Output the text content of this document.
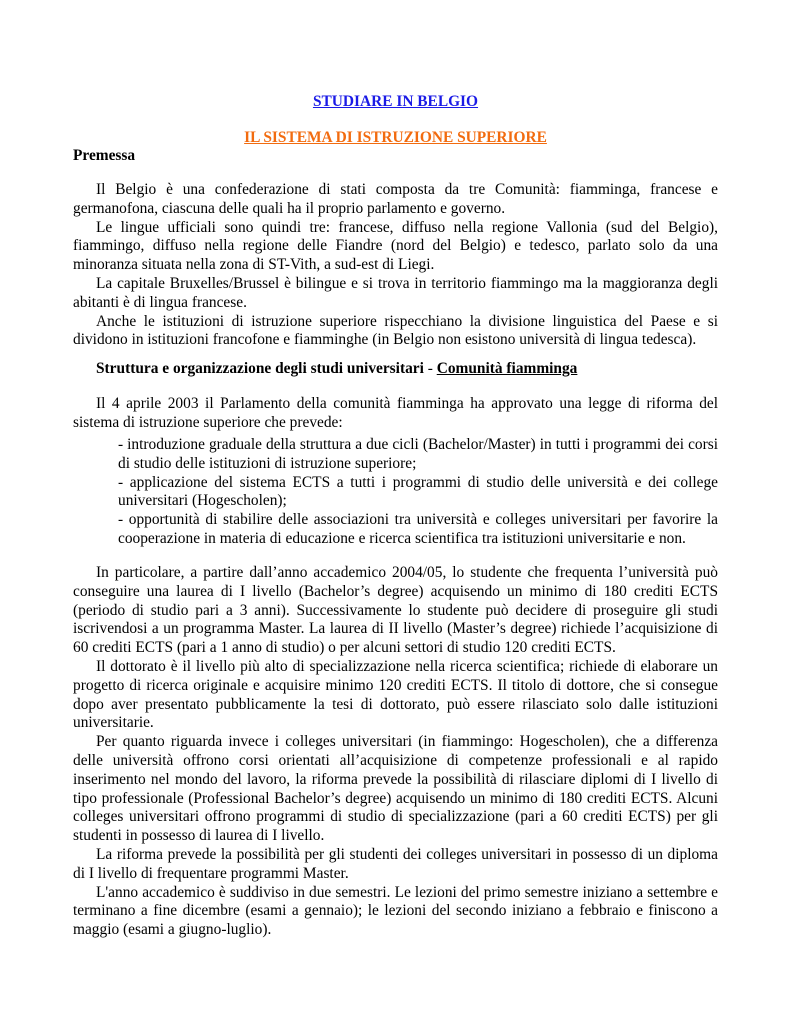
STUDIARE IN BELGIO
IL SISTEMA DI ISTRUZIONE SUPERIORE
Premessa

Il Belgio è una confederazione di stati composta da tre Comunità: fiamminga, francese e germanofona, ciascuna delle quali ha il proprio parlamento e governo.

Le lingue ufficiali sono quindi tre: francese, diffuso nella regione Vallonia (sud del Belgio), fiammingo, diffuso nella regione delle Fiandre (nord del Belgio) e tedesco, parlato solo da una minoranza situata nella zona di ST-Vith, a sud-est di Liegi.

La capitale Bruxelles/Brussel è bilingue e si trova in territorio fiammingo ma la maggioranza degli abitanti è di lingua francese.

Anche le istituzioni di istruzione superiore rispecchiano la divisione linguistica del Paese e si dividono in istituzioni francofone e fiamminghe (in Belgio non esistono università di lingua tedesca).

Struttura e organizzazione degli studi universitari - Comunità fiamminga

Il 4 aprile 2003 il Parlamento della comunità fiamminga ha approvato una legge di riforma del sistema di istruzione superiore che prevede:

- introduzione graduale della struttura a due cicli (Bachelor/Master) in tutti i programmi dei corsi di studio delle istituzioni di istruzione superiore;
- applicazione del sistema ECTS a tutti i programmi di studio delle università e dei college universitari (Hogescholen);
- opportunità di stabilire delle associazioni tra università e colleges universitari per favorire la cooperazione in materia di educazione e ricerca scientifica tra istituzioni universitarie e non.

In particolare, a partire dall’anno accademico 2004/05, lo studente che frequenta l’università può conseguire una laurea di I livello (Bachelor’s degree) acquisendo un minimo di 180 crediti ECTS (periodo di studio pari a 3 anni). Successivamente lo studente può decidere di proseguire gli studi iscrivendosi a un programma Master. La laurea di II livello (Master’s degree) richiede l’acquisizione di 60 crediti ECTS (pari a 1 anno di studio) o per alcuni settori di studio 120 crediti ECTS.

Il dottorato è il livello più alto di specializzazione nella ricerca scientifica; richiede di elaborare un progetto di ricerca originale e acquisire minimo 120 crediti ECTS. Il titolo di dottore, che si consegue dopo aver presentato pubblicamente la tesi di dottorato, può essere rilasciato solo dalle istituzioni universitarie.

Per quanto riguarda invece i colleges universitari (in fiammingo: Hogescholen), che a differenza delle università offrono corsi orientati all’acquisizione di competenze professionali e al rapido inserimento nel mondo del lavoro, la riforma prevede la possibilità di rilasciare diplomi di I livello di tipo professionale (Professional Bachelor’s degree) acquisendo un minimo di 180 crediti ECTS. Alcuni colleges universitari offrono programmi di studio di specializzazione (pari a 60 crediti ECTS) per gli studenti in possesso di laurea di I livello.

La riforma prevede la possibilità per gli studenti dei colleges universitari in possesso di un diploma di I livello di frequentare programmi Master.

L'anno accademico è suddiviso in due semestri. Le lezioni del primo semestre iniziano a settembre e terminano a fine dicembre (esami a gennaio); le lezioni del secondo iniziano a febbraio e finiscono a maggio (esami a giugno-luglio).
